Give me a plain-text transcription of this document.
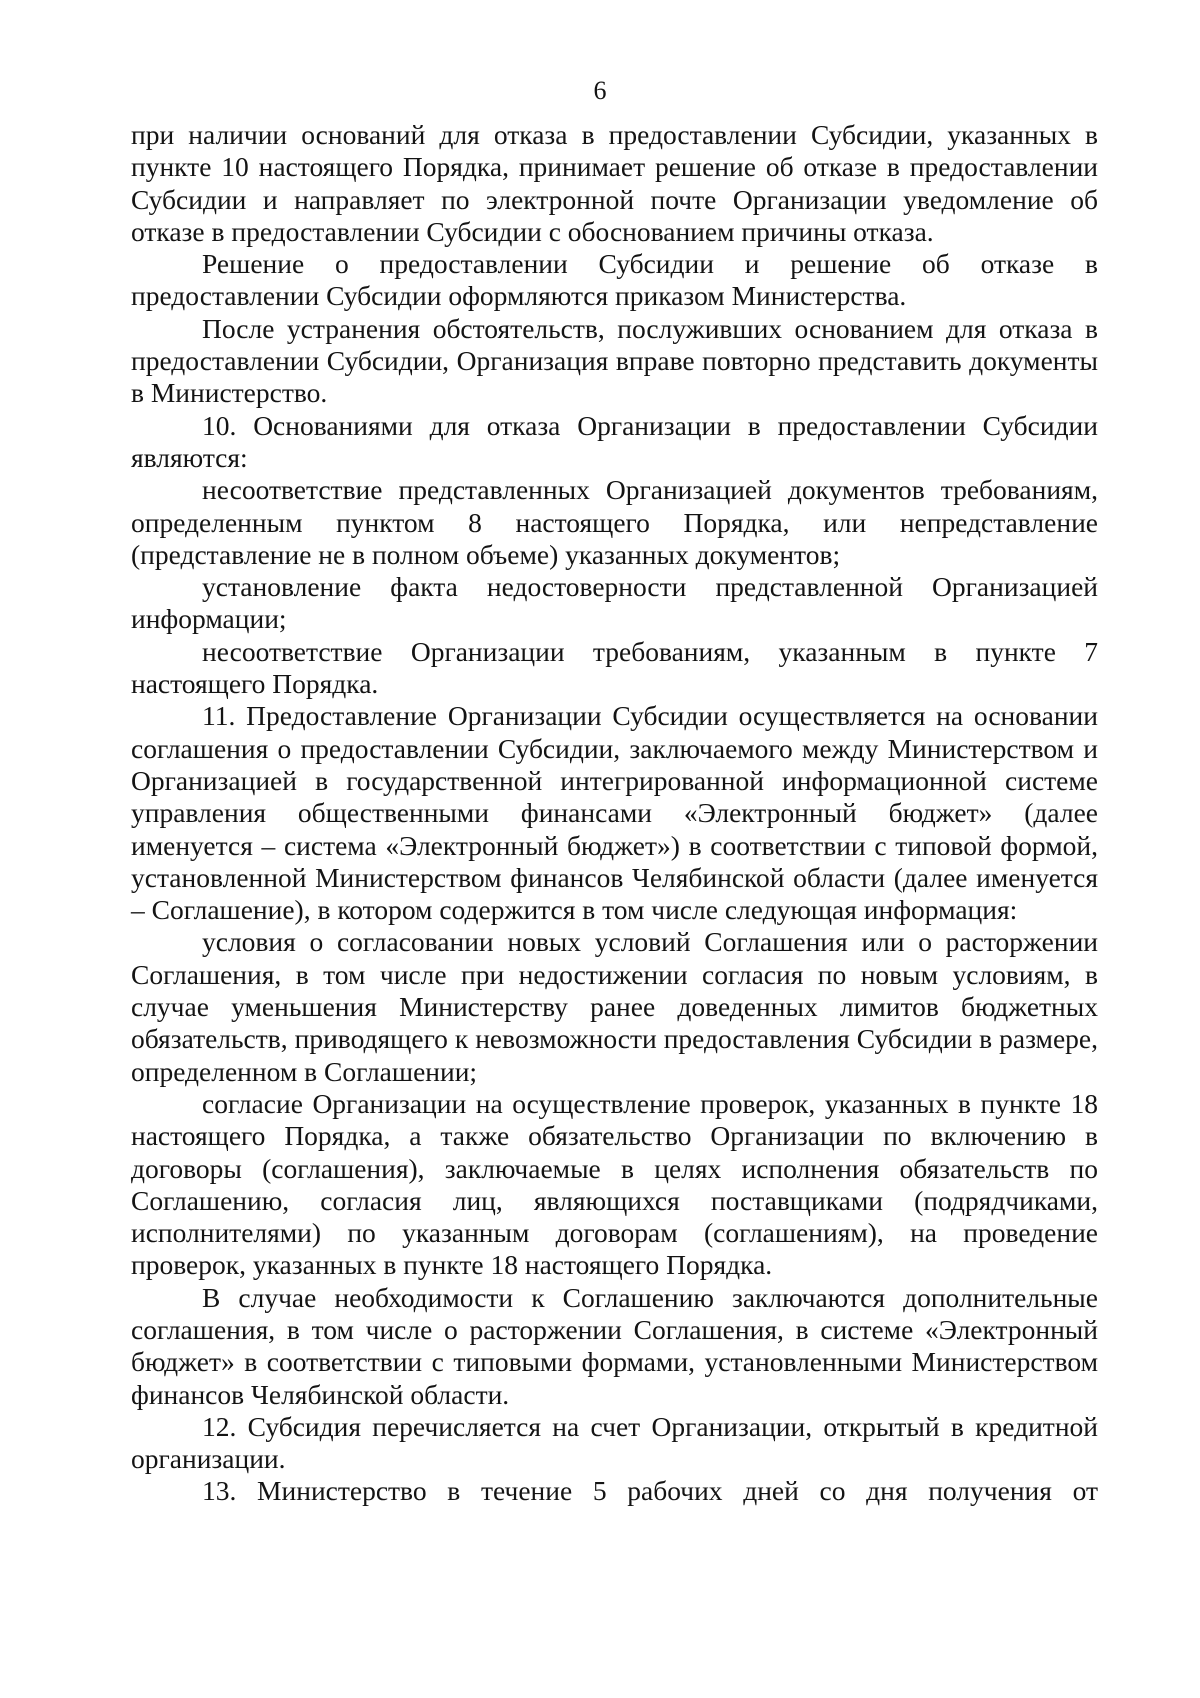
6

при наличии оснований для отказа в предоставлении Субсидии, указанных в пункте 10 настоящего Порядка, принимает решение об отказе в предоставлении Субсидии и направляет по электронной почте Организации уведомление об отказе в предоставлении Субсидии с обоснованием причины отказа.

Решение о предоставлении Субсидии и решение об отказе в предоставлении Субсидии оформляются приказом Министерства.

После устранения обстоятельств, послуживших основанием для отказа в предоставлении Субсидии, Организация вправе повторно представить документы в Министерство.

10. Основаниями для отказа Организации в предоставлении Субсидии являются:

несоответствие представленных Организацией документов требованиям, определенным пунктом 8 настоящего Порядка, или непредставление (представление не в полном объеме) указанных документов;

установление факта недостоверности представленной Организацией информации;

несоответствие Организации требованиям, указанным в пункте 7 настоящего Порядка.

11. Предоставление Организации Субсидии осуществляется на основании соглашения о предоставлении Субсидии, заключаемого между Министерством и Организацией в государственной интегрированной информационной системе управления общественными финансами «Электронный бюджет» (далее именуется – система «Электронный бюджет») в соответствии с типовой формой, установленной Министерством финансов Челябинской области (далее именуется – Соглашение), в котором содержится в том числе следующая информация:

условия о согласовании новых условий Соглашения или о расторжении Соглашения, в том числе при недостижении согласия по новым условиям, в случае уменьшения Министерству ранее доведенных лимитов бюджетных обязательств, приводящего к невозможности предоставления Субсидии в размере, определенном в Соглашении;

согласие Организации на осуществление проверок, указанных в пункте 18 настоящего Порядка, а также обязательство Организации по включению в договоры (соглашения), заключаемые в целях исполнения обязательств по Соглашению, согласия лиц, являющихся поставщиками (подрядчиками, исполнителями) по указанным договорам (соглашениям), на проведение проверок, указанных в пункте 18 настоящего Порядка.

В случае необходимости к Соглашению заключаются дополнительные соглашения, в том числе о расторжении Соглашения, в системе «Электронный бюджет» в соответствии с типовыми формами, установленными Министерством финансов Челябинской области.

12. Субсидия перечисляется на счет Организации, открытый в кредитной организации.

13. Министерство в течение 5 рабочих дней со дня получения от
